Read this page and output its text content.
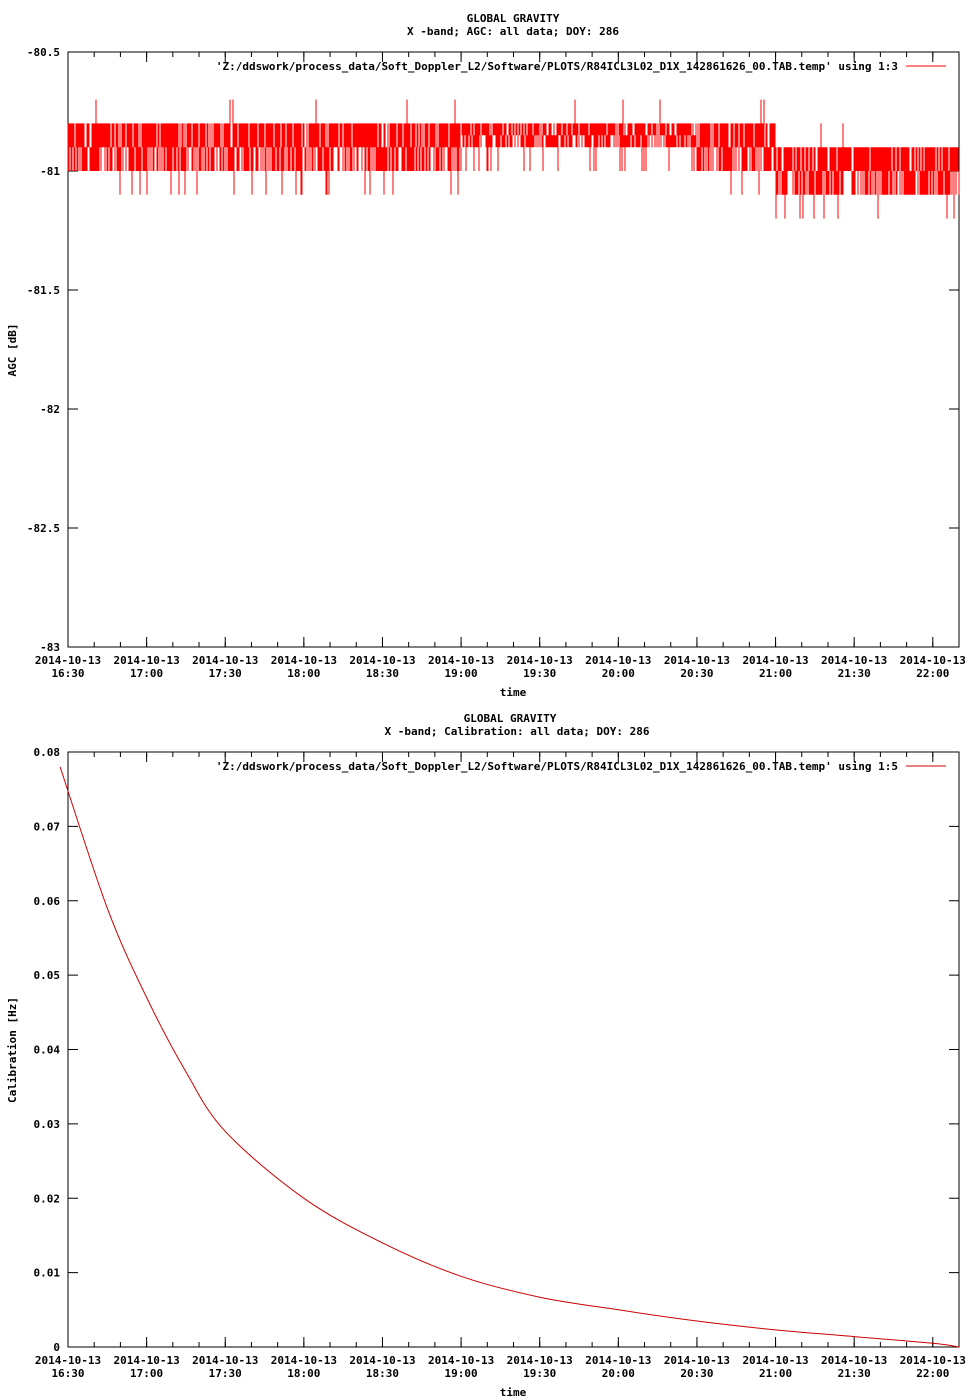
GLOBAL GRAVITY
X -band; AGC: all data; DOY: 286
-80.5
-81
-81.5
-82
-82.5
-83
2014-10-13
16:30
2014-10-13
17:00
2014-10-13
17:30
2014-10-13
18:00
2014-10-13
18:30
2014-10-13
19:00
2014-10-13
19:30
2014-10-13
20:00
2014-10-13
20:30
2014-10-13
21:00
2014-10-13
21:30
2014-10-13
22:00
'Z:/ddswork/process_data/Soft_Doppler_L2/Software/PLOTS/R84ICL3L02_D1X_142861626_00.TAB.temp' using 1:3
time
AGC [dB]
GLOBAL GRAVITY
X -band; Calibration: all data; DOY: 286
0
0.01
0.02
0.03
0.04
0.05
0.06
0.07
0.08
2014-10-13
16:30
2014-10-13
17:00
2014-10-13
17:30
2014-10-13
18:00
2014-10-13
18:30
2014-10-13
19:00
2014-10-13
19:30
2014-10-13
20:00
2014-10-13
20:30
2014-10-13
21:00
2014-10-13
21:30
2014-10-13
22:00
'Z:/ddswork/process_data/Soft_Doppler_L2/Software/PLOTS/R84ICL3L02_D1X_142861626_00.TAB.temp' using 1:5
time
Calibration [Hz]
